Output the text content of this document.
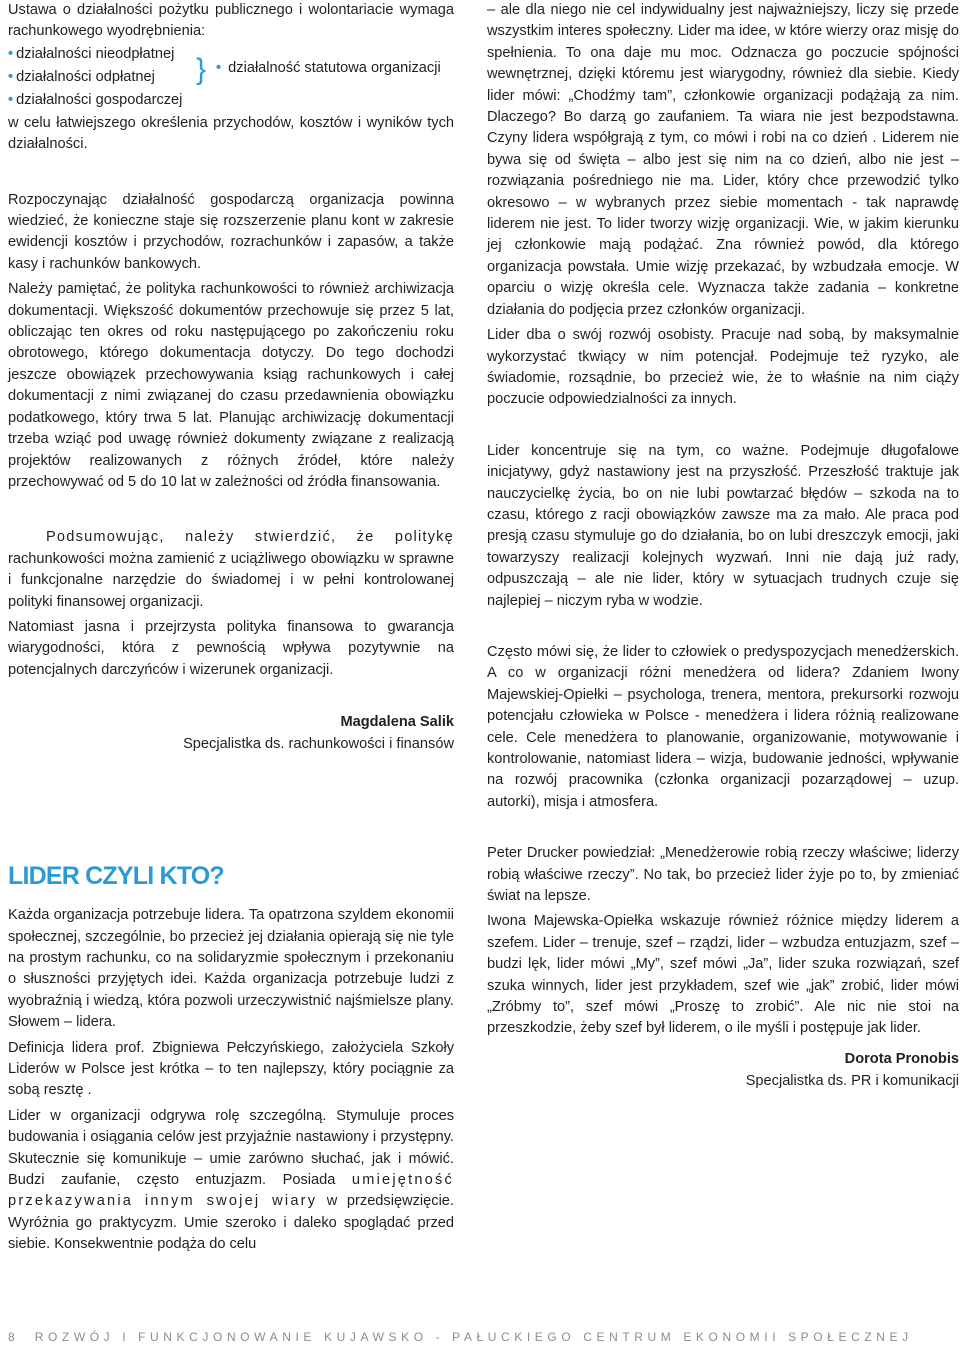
Ustawa o działalności pożytku publicznego i wolontariacie wymaga rachunkowego wyodrębnienia:

• działalności nieodpłatnej
• działalności odpłatnej
• działalności gospodarczej
} • działalność statutowa organizacji

w celu łatwiejszego określenia przychodów, kosztów i wyników tych działalności.

Rozpoczynając działalność gospodarczą organizacja powinna wiedzieć, że konieczne staje się rozszerzenie planu kont w zakresie ewidencji kosztów i przychodów, rozrachunków i zapasów, a także kasy i rachunków bankowych.

Należy pamiętać, że polityka rachunkowości to również archiwizacja dokumentacji. Większość dokumentów przechowuje się przez 5 lat, obliczając ten okres od roku następującego po zakończeniu roku obrotowego, którego dokumentacja dotyczy. Do tego dochodzi jeszcze obowiązek przechowywania ksiąg rachunkowych i całej dokumentacji z nimi związanej do czasu przedawnienia obowiązku podatkowego, który trwa 5 lat. Planując archiwizację dokumentacji trzeba wziąć pod uwagę również dokumenty związane z realizacją projektów realizowanych z różnych źródeł, które należy przechowywać od 5 do 10 lat w zależności od źródła finansowania.

Podsumowując, należy stwierdzić, że politykę rachunkowości można zamienić z uciążliwego obowiązku w sprawne i funkcjonalne narzędzie do świadomej i w pełni kontrolowanej polityki finansowej organizacji.

Natomiast jasna i przejrzysta polityka finansowa to gwarancja wiarygodności, która z pewnością wpływa pozytywnie na potencjalnych darczyńców i wizerunek organizacji.

Magdalena Salik
Specjalistka ds. rachunkowości i finansów
LIDER CZYLI KTO?

Każda organizacja potrzebuje lidera. Ta opatrzona szyldem ekonomii społecznej, szczególnie, bo przecież jej działania opierają się nie tyle na prostym rachunku, co na solidaryzmie społecznym i przekonaniu o słuszności przyjętych idei. Każda organizacja potrzebuje ludzi z wyobraźnią i wiedzą, która pozwoli urzeczywistnić najśmielsze plany. Słowem – lidera.

Definicja lidera prof. Zbigniewa Pełczyńskiego, założyciela Szkoły Liderów w Polsce jest krótka – to ten najlepszy, który pociągnie za sobą resztę .

Lider w organizacji odgrywa rolę szczególną. Stymuluje proces budowania i osiągania celów jest przyjaźnie nastawiony i przystępny. Skutecznie się komunikuje – umie zarówno słuchać, jak i mówić. Budzi zaufanie, często entuzjazm. Posiada umiejętność przekazywania innym swojej wiary w przedsięwzięcie. Wyróżnia go praktycyzm. Umie szeroko i daleko spoglądać przed siebie. Konsekwentnie podąża do celu

– ale dla niego nie cel indywidualny jest najważniejszy, liczy się przede wszystkim interes społeczny. Lider ma idee, w które wierzy oraz misję do spełnienia. To ona daje mu moc. Odznacza go poczucie spójności wewnętrznej, dzięki któremu jest wiarygodny, również dla siebie. Kiedy lider mówi: „Chodźmy tam”, członkowie organizacji podążają za nim. Dlaczego? Bo darzą go zaufaniem. Ta wiara nie jest bezpodstawna. Czyny lidera współgrają z tym, co mówi i robi na co dzień . Liderem nie bywa się od święta – albo jest się nim na co dzień, albo nie jest – rozwiązania pośredniego nie ma. Lider, który chce przewodzić tylko okresowo – w wybranych przez siebie momentach - tak naprawdę liderem nie jest. To lider tworzy wizję organizacji. Wie, w jakim kierunku jej członkowie mają podążać. Zna również powód, dla którego organizacja powstała. Umie wizję przekazać, by wzbudzała emocje. W oparciu o wizję określa cele. Wyznacza także zadania – konkretne działania do podjęcia przez członków organizacji.

Lider dba o swój rozwój osobisty. Pracuje nad sobą, by maksymalnie wykorzystać tkwiący w nim potencjał. Podejmuje też ryzyko, ale świadomie, rozsądnie, bo przecież wie, że to właśnie na nim ciąży poczucie odpowiedzialności za innych.

Lider koncentruje się na tym, co ważne. Podejmuje długofalowe inicjatywy, gdyż nastawiony jest na przyszłość. Przeszłość traktuje jak nauczycielkę życia, bo on nie lubi powtarzać błędów – szkoda na to czasu, którego z racji obowiązków zawsze ma za mało. Ale praca pod presją czasu stymuluje go do działania, bo on lubi dreszczyk emocji, jaki towarzyszy realizacji kolejnych wyzwań. Inni nie dają już rady, odpuszczają – ale nie lider, który w sytuacjach trudnych czuje się najlepiej – niczym ryba w wodzie.

Często mówi się, że lider to człowiek o predyspozycjach menedżerskich. A co w organizacji różni menedżera od lidera? Zdaniem Iwony Majewskiej-Opiełki – psychologa, trenera, mentora, prekursorki rozwoju potencjału człowieka w Polsce - menedżera i lidera różnią realizowane cele. Cele menedżera to planowanie, organizowanie, motywowanie i kontrolowanie, natomiast lidera – wizja, budowanie jedności, wpływanie na rozwój pracownika (członka organizacji pozarządowej – uzup. autorki), misja i atmosfera.

Peter Drucker powiedział: „Menedżerowie robią rzeczy właściwe; liderzy robią właściwe rzeczy”. No tak, bo przecież lider żyje po to, by zmieniać świat na lepsze.

Iwona Majewska-Opiełka wskazuje również różnice między liderem a szefem. Lider – trenuje, szef – rządzi, lider – wzbudza entuzjazm, szef – budzi lęk, lider mówi „My”, szef mówi „Ja”, lider szuka rozwiązań, szef szuka winnych, lider jest przykładem, szef wie „jak” zrobić, lider mówi „Zróbmy to”, szef mówi „Proszę to zrobić”. Ale nic nie stoi na przeszkodzie, żeby szef był liderem, o ile myśli i postępuje jak lider.

Dorota Pronobis
Specjalistka ds. PR i komunikacji
8 ROZWÓJ I FUNKCJONOWANIE KUJAWSKO - PAŁUCKIEGO CENTRUM EKONOMII SPOŁECZNEJ
